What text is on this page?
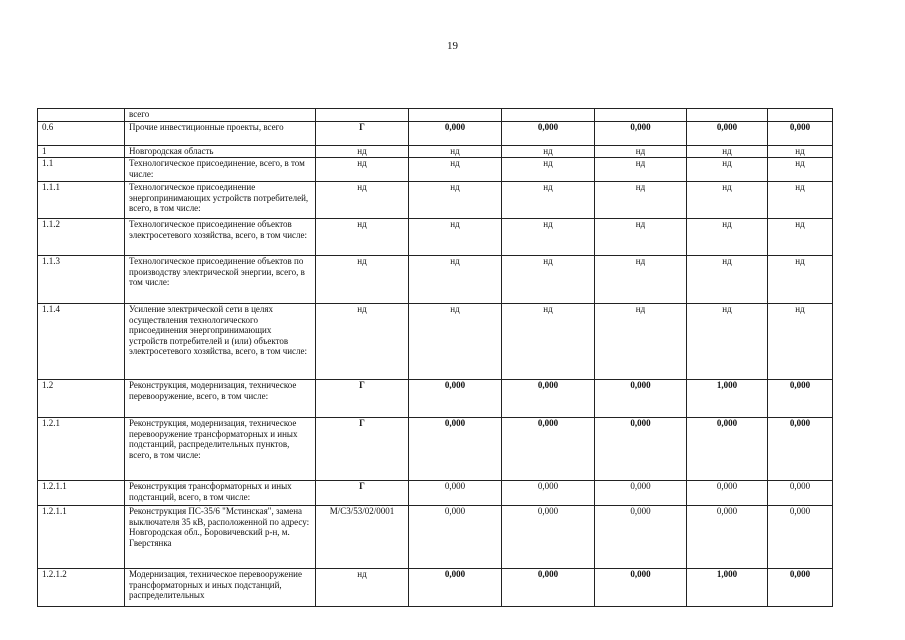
19
	всего						
0.6	Прочие инвестиционные проекты, всего	Г	0,000	0,000	0,000	0,000	0,000
1	Новгородская область	нд	нд	нд	нд	нд	нд
1.1	Технологическое присоединение, всего, в том числе:	нд	нд	нд	нд	нд	нд
1.1.1	Технологическое присоединение энергопринимающих устройств потребителей, всего, в том числе:	нд	нд	нд	нд	нд	нд
1.1.2	Технологическое присоединение объектов электросетевого хозяйства, всего, в том числе:	нд	нд	нд	нд	нд	нд
1.1.3	Технологическое присоединение объектов по производству электрической энергии, всего, в том числе:	нд	нд	нд	нд	нд	нд
1.1.4	Усиление электрической сети в целях осуществления технологического присоединения энергопринимающих устройств потребителей и (или) объектов электросетевого хозяйства, всего, в том числе:	нд	нд	нд	нд	нд	нд
1.2	Реконструкция, модернизация, техническое перевооружение, всего, в том числе:	Г	0,000	0,000	0,000	1,000	0,000
1.2.1	Реконструкция, модернизация, техническое перевооружение трансформаторных и иных подстанций, распределительных пунктов, всего, в том числе:	Г	0,000	0,000	0,000	0,000	0,000
1.2.1.1	Реконструкция трансформаторных и иных подстанций, всего, в том числе:	Г	0,000	0,000	0,000	0,000	0,000
1.2.1.1	Реконструкция ПС-35/6 "Мстинская", замена выключателя 35 кВ, расположенной по адресу: Новгородская обл., Боровичевский р-н, м. Гверстянка	M/C3/53/02/0001	0,000	0,000	0,000	0,000	0,000
1.2.1.2	Модернизация, техническое перевооружение трансформаторных и иных подстанций, распределительных	нд	0,000	0,000	0,000	1,000	0,000
